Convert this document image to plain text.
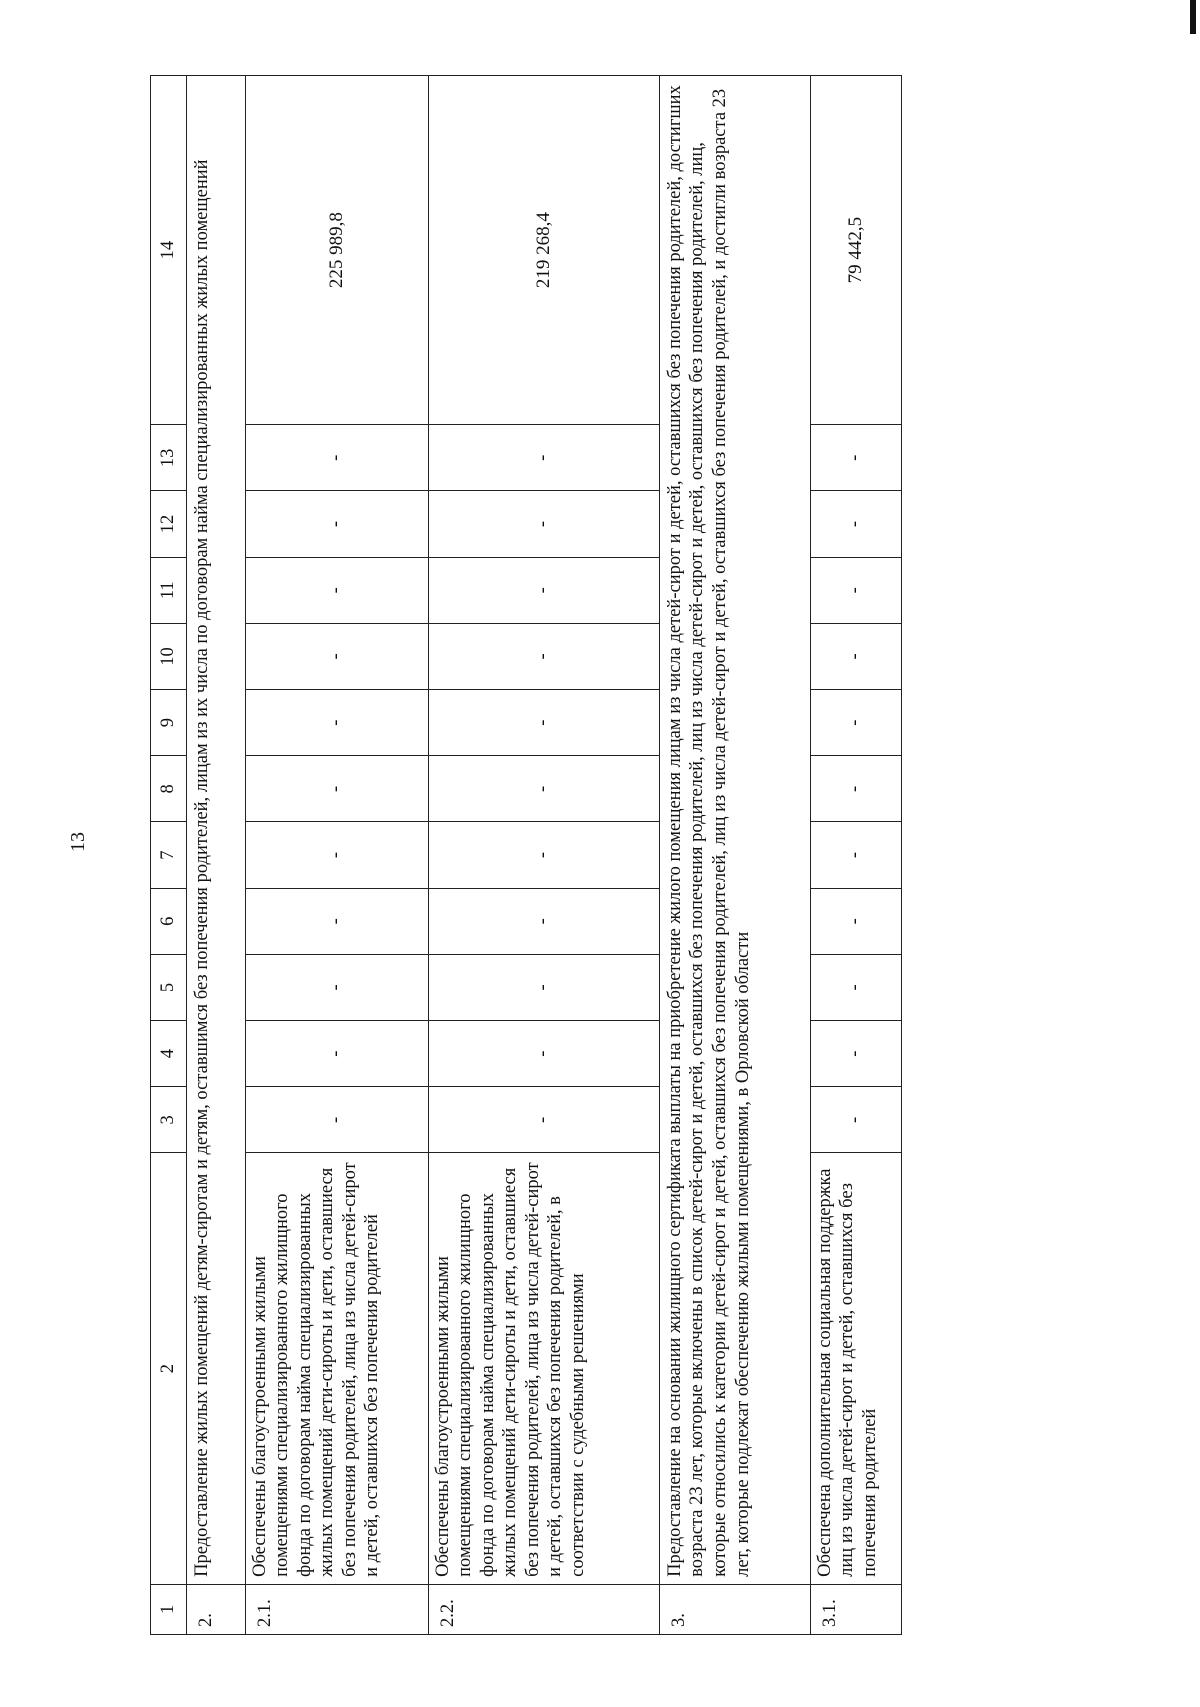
13
1	2	3	4	5	6	7	8	9	10	11	12	13	14
2.	Предоставление жилых помещений детям-сиротам и детям, оставшимся без попечения родителей, лицам из их числа по договорам найма специализированных жилых помещений												
2.1.	Обеспечены благоустроенными жилыми помещениями специализированного жилищного фонда по договорам найма специализированных жилых помещений дети-сироты и дети, оставшиеся без попечения родителей, лица из числа детей-сирот и детей, оставшихся без попечения родителей	-	-	-	-	-	-	-	-	-	-	-	225 989,8
2.2.	Обеспечены благоустроенными жилыми помещениями специализированного жилищного фонда по договорам найма специализированных жилых помещений дети-сироты и дети, оставшиеся без попечения родителей, лица из числа детей-сирот и детей, оставшихся без попечения родителей, в соответствии с судебными решениями	-	-	-	-	-	-	-	-	-	-	-	219 268,4
3.	Предоставление на основании жилищного сертификата выплаты на приобретение жилого помещения лицам из числа детей-сирот и детей, оставшихся без попечения родителей, достигших возраста 23 лет, которые включены в список детей-сирот и детей, оставшихся без попечения родителей, лиц из числа детей-сирот и детей, оставшихся без попечения родителей, лиц, которые относились к категории детей-сирот и детей, оставшихся без попечения родителей, лиц из числа детей-сирот и детей, оставшихся без попечения родителей, и достигли возраста 23 лет, которые подлежат обеспечению жилыми помещениями, в Орловской области												
3.1.	Обеспечена дополнительная социальная поддержка лиц из числа детей-сирот и детей, оставшихся без попечения родителей	-	-	-	-	-	-	-	-	-	-	-	79 442,5
